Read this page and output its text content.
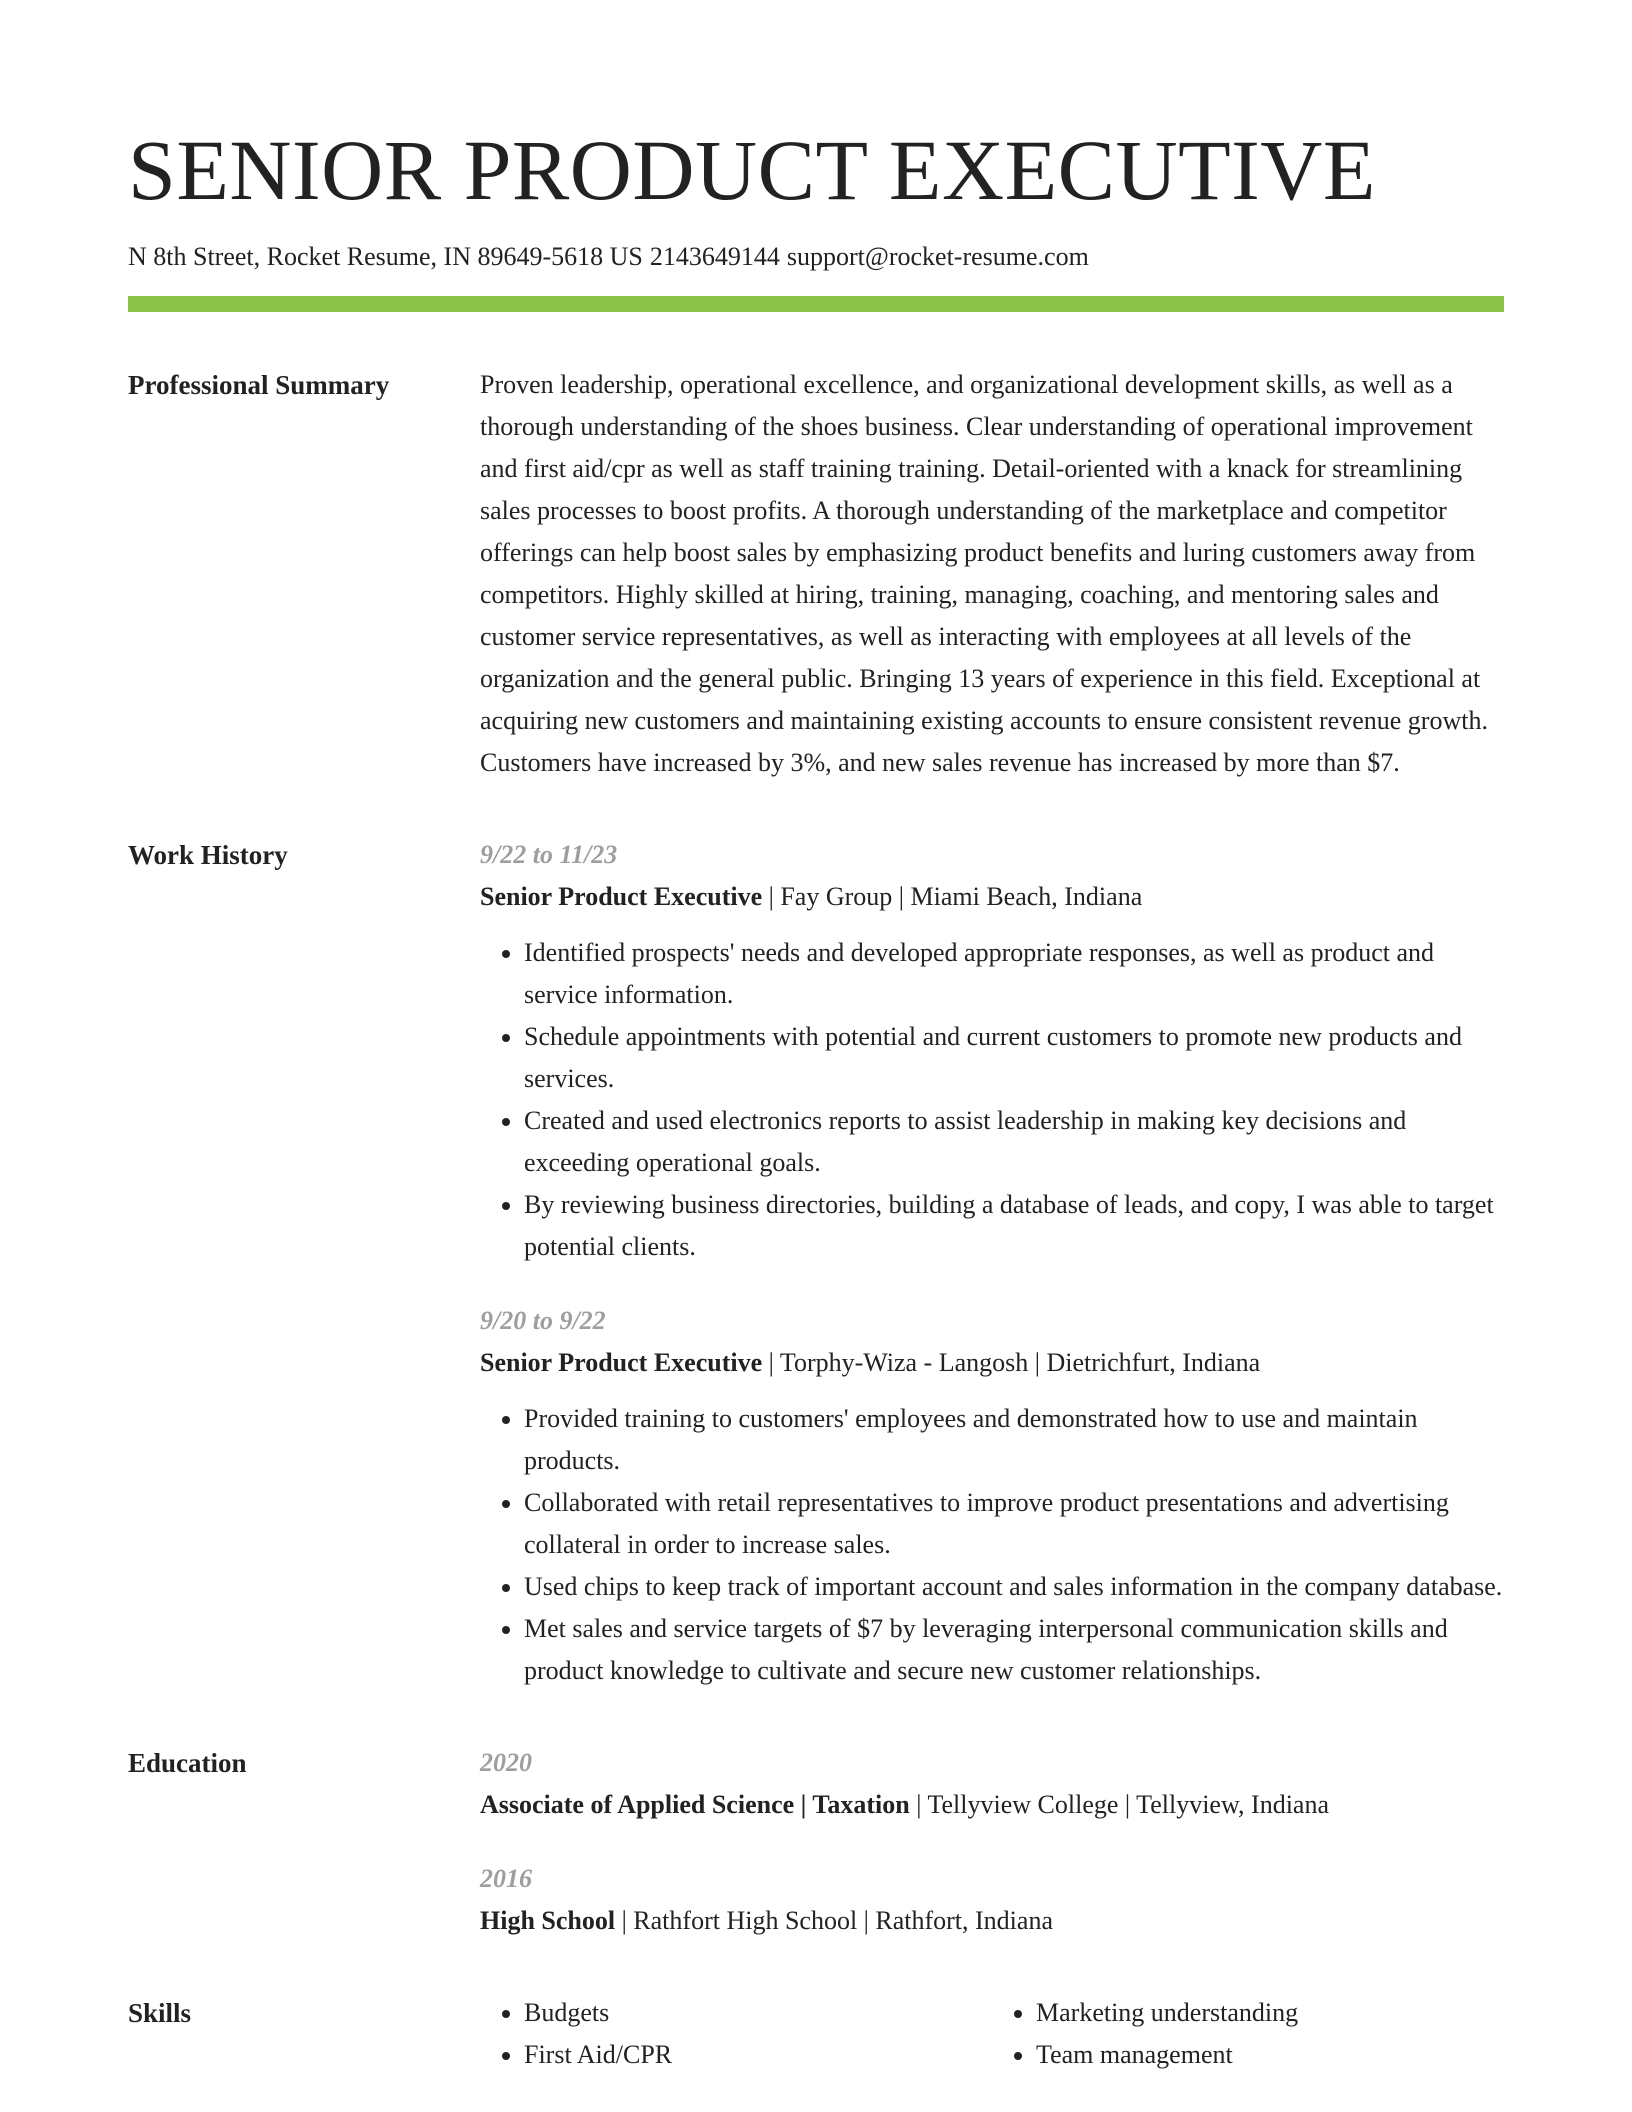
SENIOR PRODUCT EXECUTIVE
N 8th Street, Rocket Resume, IN 89649-5618 US 2143649144 support@rocket-resume.com
Professional Summary	Proven leadership, operational excellence, and organizational development skills, as well as a thorough understanding of the shoes business. Clear understanding of operational improvement and first aid/cpr as well as staff training training. Detail-oriented with a knack for streamlining sales processes to boost profits. A thorough understanding of the marketplace and competitor offerings can help boost sales by emphasizing product benefits and luring customers away from competitors. Highly skilled at hiring, training, managing, coaching, and mentoring sales and customer service representatives, as well as interacting with employees at all levels of the organization and the general public. Bringing 13 years of experience in this field. Exceptional at acquiring new customers and maintaining existing accounts to ensure consistent revenue growth. Customers have increased by 3%, and new sales revenue has increased by more than $7.

Work History	9/22 to 11/23
Senior Product Executive | Fay Group | Miami Beach, Indiana
• Identified prospects' needs and developed appropriate responses, as well as product and service information.
• Schedule appointments with potential and current customers to promote new products and services.
• Created and used electronics reports to assist leadership in making key decisions and exceeding operational goals.
• By reviewing business directories, building a database of leads, and copy, I was able to target potential clients.
9/20 to 9/22
Senior Product Executive | Torphy-Wiza - Langosh | Dietrichfurt, Indiana
• Provided training to customers' employees and demonstrated how to use and maintain products.
• Collaborated with retail representatives to improve product presentations and advertising collateral in order to increase sales.
• Used chips to keep track of important account and sales information in the company database.
• Met sales and service targets of $7 by leveraging interpersonal communication skills and product knowledge to cultivate and secure new customer relationships.
Education	2020
Associate of Applied Science | Taxation | Tellyview College | Tellyview, Indiana
2016
High School | Rathfort High School | Rathfort, Indiana
Skills
•	Budgets
• First Aid/CPR
• Marketing understanding
• Team management
